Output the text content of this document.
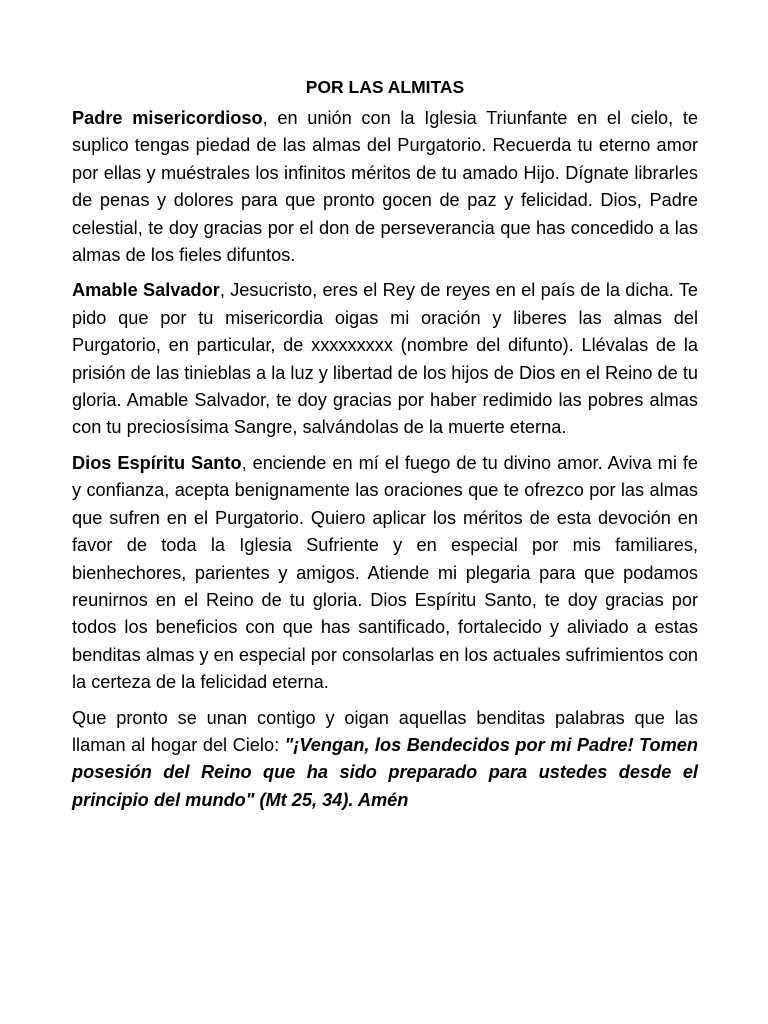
POR LAS ALMITAS

Padre misericordioso, en unión con la Iglesia Triunfante en el cielo, te suplico tengas piedad de las almas del Purgatorio. Recuerda tu eterno amor por ellas y muéstrales los infinitos méritos de tu amado Hijo. Dígnate librarles de penas y dolores para que pronto gocen de paz y felicidad. Dios, Padre celestial, te doy gracias por el don de perseverancia que has concedido a las almas de los fieles difuntos.

Amable Salvador, Jesucristo, eres el Rey de reyes en el país de la dicha. Te pido que por tu misericordia oigas mi oración y liberes las almas del Purgatorio, en particular, de xxxxxxxxx (nombre del difunto). Llévalas de la prisión de las tinieblas a la luz y libertad de los hijos de Dios en el Reino de tu gloria. Amable Salvador, te doy gracias por haber redimido las pobres almas con tu preciosísima Sangre, salvándolas de la muerte eterna.

Dios Espíritu Santo, enciende en mí el fuego de tu divino amor. Aviva mi fe y confianza, acepta benignamente las oraciones que te ofrezco por las almas que sufren en el Purgatorio. Quiero aplicar los méritos de esta devoción en favor de toda la Iglesia Sufriente y en especial por mis familiares, bienhechores, parientes y amigos. Atiende mi plegaria para que podamos reunirnos en el Reino de tu gloria. Dios Espíritu Santo, te doy gracias por todos los beneficios con que has santificado, fortalecido y aliviado a estas benditas almas y en especial por consolarlas en los actuales sufrimientos con la certeza de la felicidad eterna.

Que pronto se unan contigo y oigan aquellas benditas palabras que las llaman al hogar del Cielo: "¡Vengan, los Bendecidos por mi Padre! Tomen posesión del Reino que ha sido preparado para ustedes desde el principio del mundo" (Mt 25, 34). Amén
